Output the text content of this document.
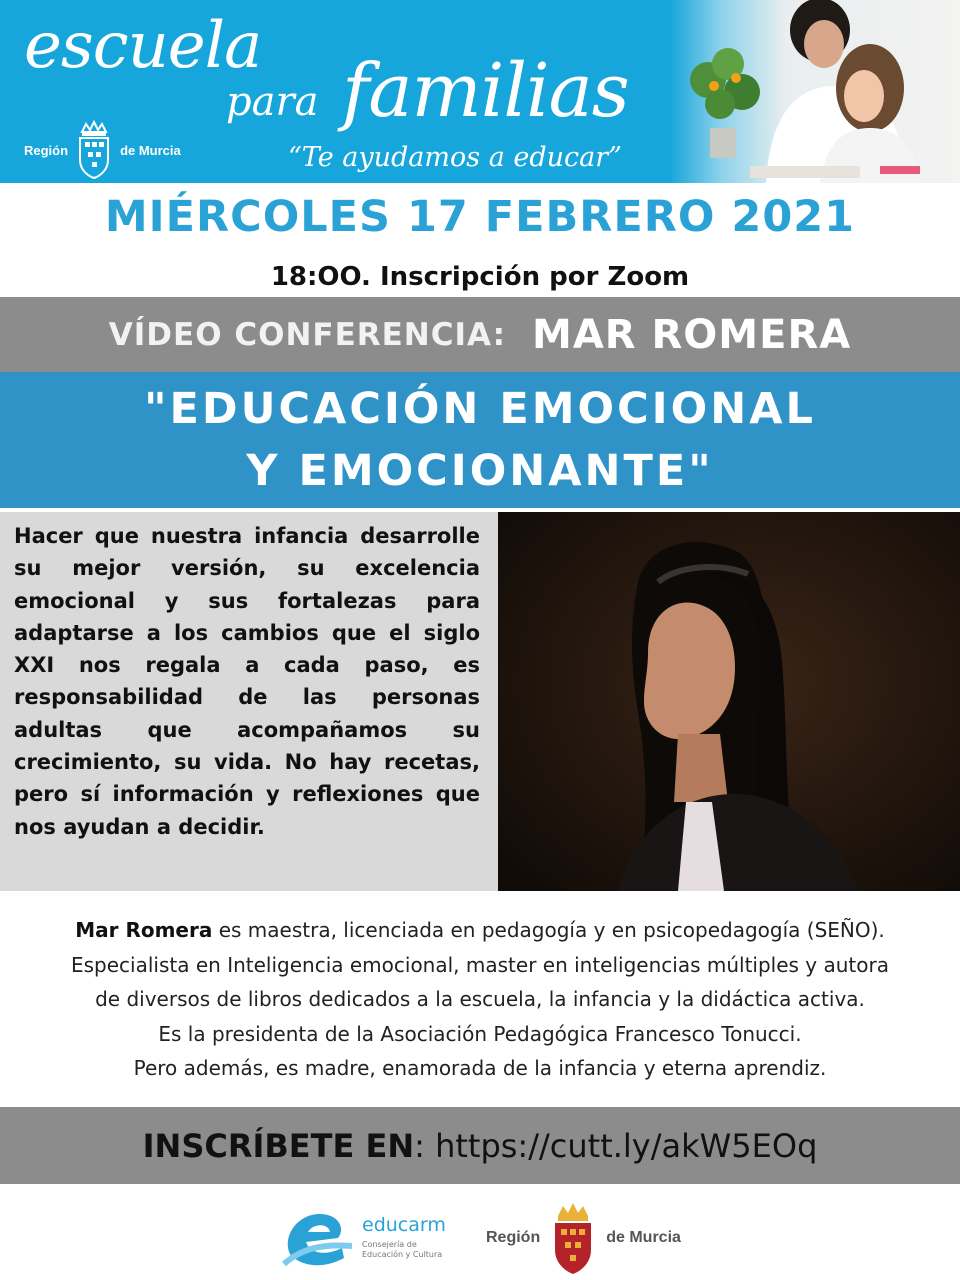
escuela
para familias
“Te ayudamos a educar”
Región	de Murcia
MIÉRCOLES 17 FEBRERO 2021
18:OO. Inscripción por Zoom
VÍDEO CONFERENCIA: MAR ROMERA
"EDUCACIÓN EMOCIONAL
Y EMOCIONANTE"

Hacer que nuestra infancia desarrolle su mejor versión, su excelencia emocional y sus fortalezas para adaptarse a los cambios que el siglo XXI nos regala a cada paso, es responsabilidad de las personas adultas que acompañamos su crecimiento, su vida. No hay recetas, pero sí información y reflexiones que nos ayudan a decidir.

Mar Romera es maestra, licenciada en pedagogía y en psicopedagogía (SEÑO).
Especialista en Inteligencia emocional, master en inteligencias múltiples y autora
de diversos de libros dedicados a la escuela, la infancia y la didáctica activa.
Es la presidenta de la Asociación Pedagógica Francesco Tonucci.
Pero además, es madre, enamorada de la infancia y eterna aprendiz.
INSCRÍBETE EN: https://cutt.ly/akW5EOq
educarm
Consejería de Educación y Cultura
Región	de Murcia
